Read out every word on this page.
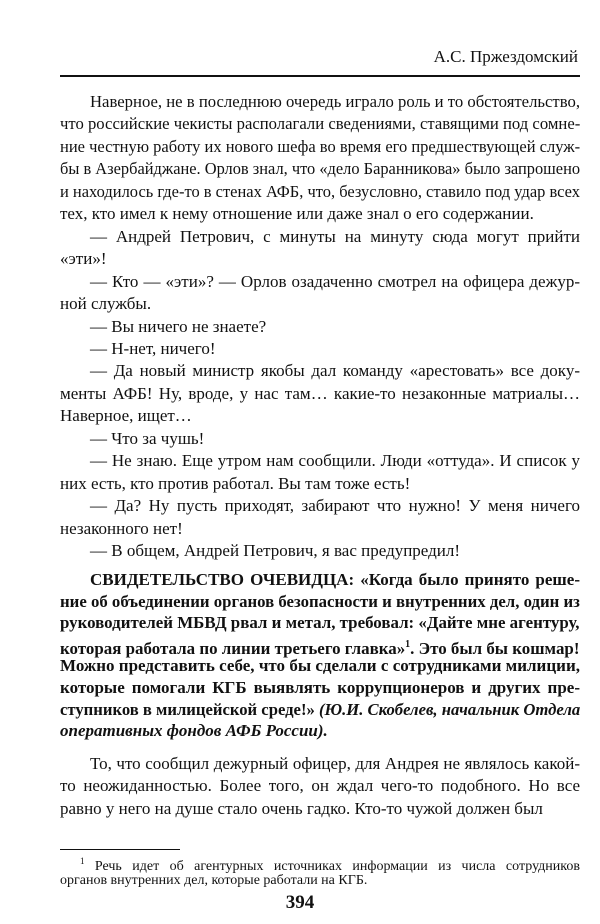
А.С. Пржездомский
Наверное, не в последнюю очередь играло роль и то обстоятельство,
что российские чекисты располагали сведениями, ставящими под сомне-
ние честную работу их нового шефа во время его предшествующей служ-
бы в Азербайджане. Орлов знал, что «дело Баранникова» было запрошено
и находилось где-то в стенах АФБ, что, безусловно, ставило под удар всех
тех, кто имел к нему отношение или даже знал о его содержании.
— Андрей Петрович, с минуты на минуту сюда могут прийти
«эти»!
— Кто — «эти»? — Орлов озадаченно смотрел на офицера дежур-
ной службы.
— Вы ничего не знаете?
— Н-нет, ничего!
— Да новый министр якобы дал команду «арестовать» все доку-
менты АФБ! Ну, вроде, у нас там… какие-то незаконные матриалы…
Наверное, ищет…
— Что за чушь!
— Не знаю. Еще утром нам сообщили. Люди «оттуда». И список у
них есть, кто против работал. Вы там тоже есть!
— Да? Ну пусть приходят, забирают что нужно! У меня ничего
незаконного нет!
— В общем, Андрей Петрович, я вас предупредил!
СВИДЕТЕЛЬСТВО ОЧЕВИДЦА: «Когда было принято реше-
ние об объединении органов безопасности и внутренних дел, один из
руководителей МБВД рвал и метал, требовал: «Дайте мне агентуру,
которая работала по линии третьего главка»$^1$. Это был бы кошмар!
Можно представить себе, что бы сделали с сотрудниками милиции,
которые помогали КГБ выявлять коррупционеров и других пре-
ступников в милицейской среде!» (Ю.И. Скобелев, начальник Отдела
оперативных фондов АФБ России).
То, что сообщил дежурный офицер, для Андрея не являлось какой-
то неожиданностью. Более того, он ждал чего-то подобного. Но все
равно у него на душе стало очень гадко. Кто-то чужой должен был
$^1$ Речь идет об агентурных источниках информации из числа сотрудников
органов внутренних дел, которые работали на КГБ.
394
